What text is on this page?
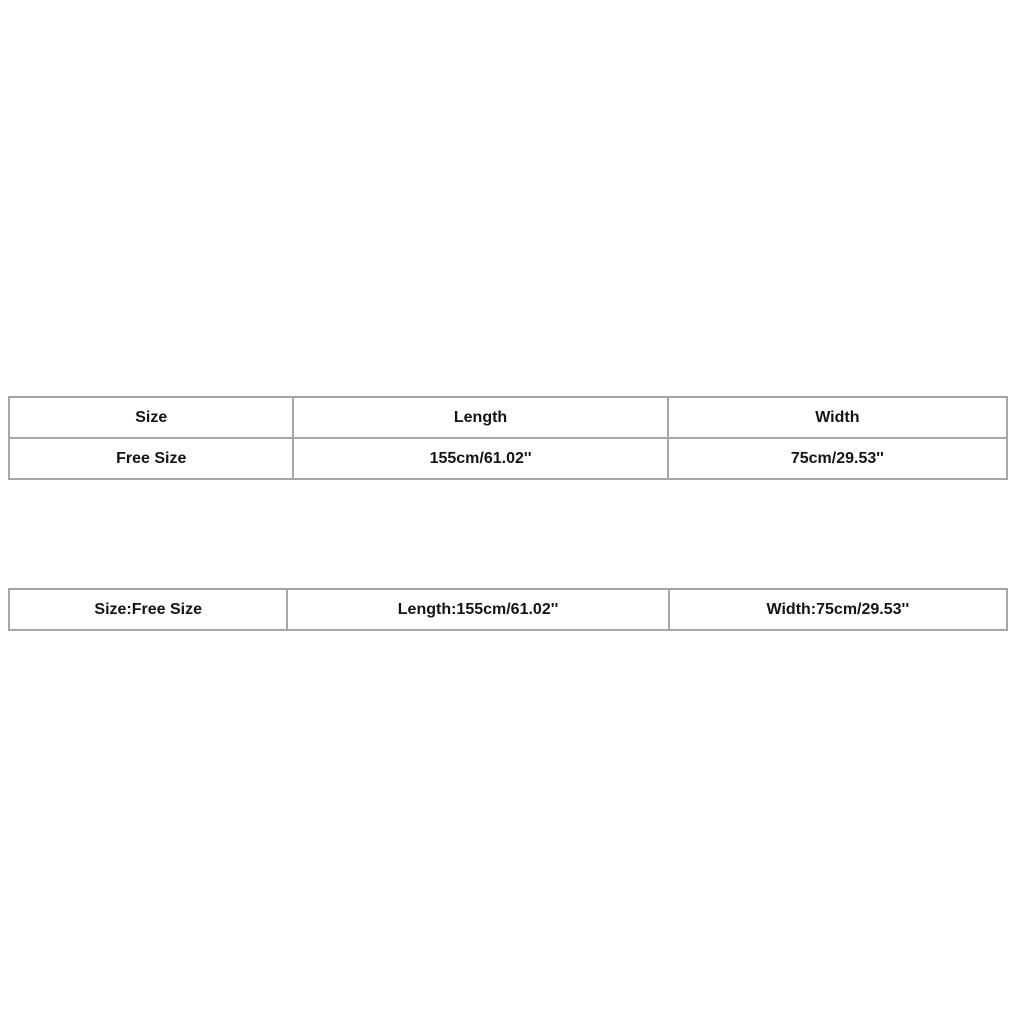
Size	Length	Width
Free Size	155cm/61.02''	75cm/29.53''
Size:Free Size	Length:155cm/61.02''	Width:75cm/29.53''
